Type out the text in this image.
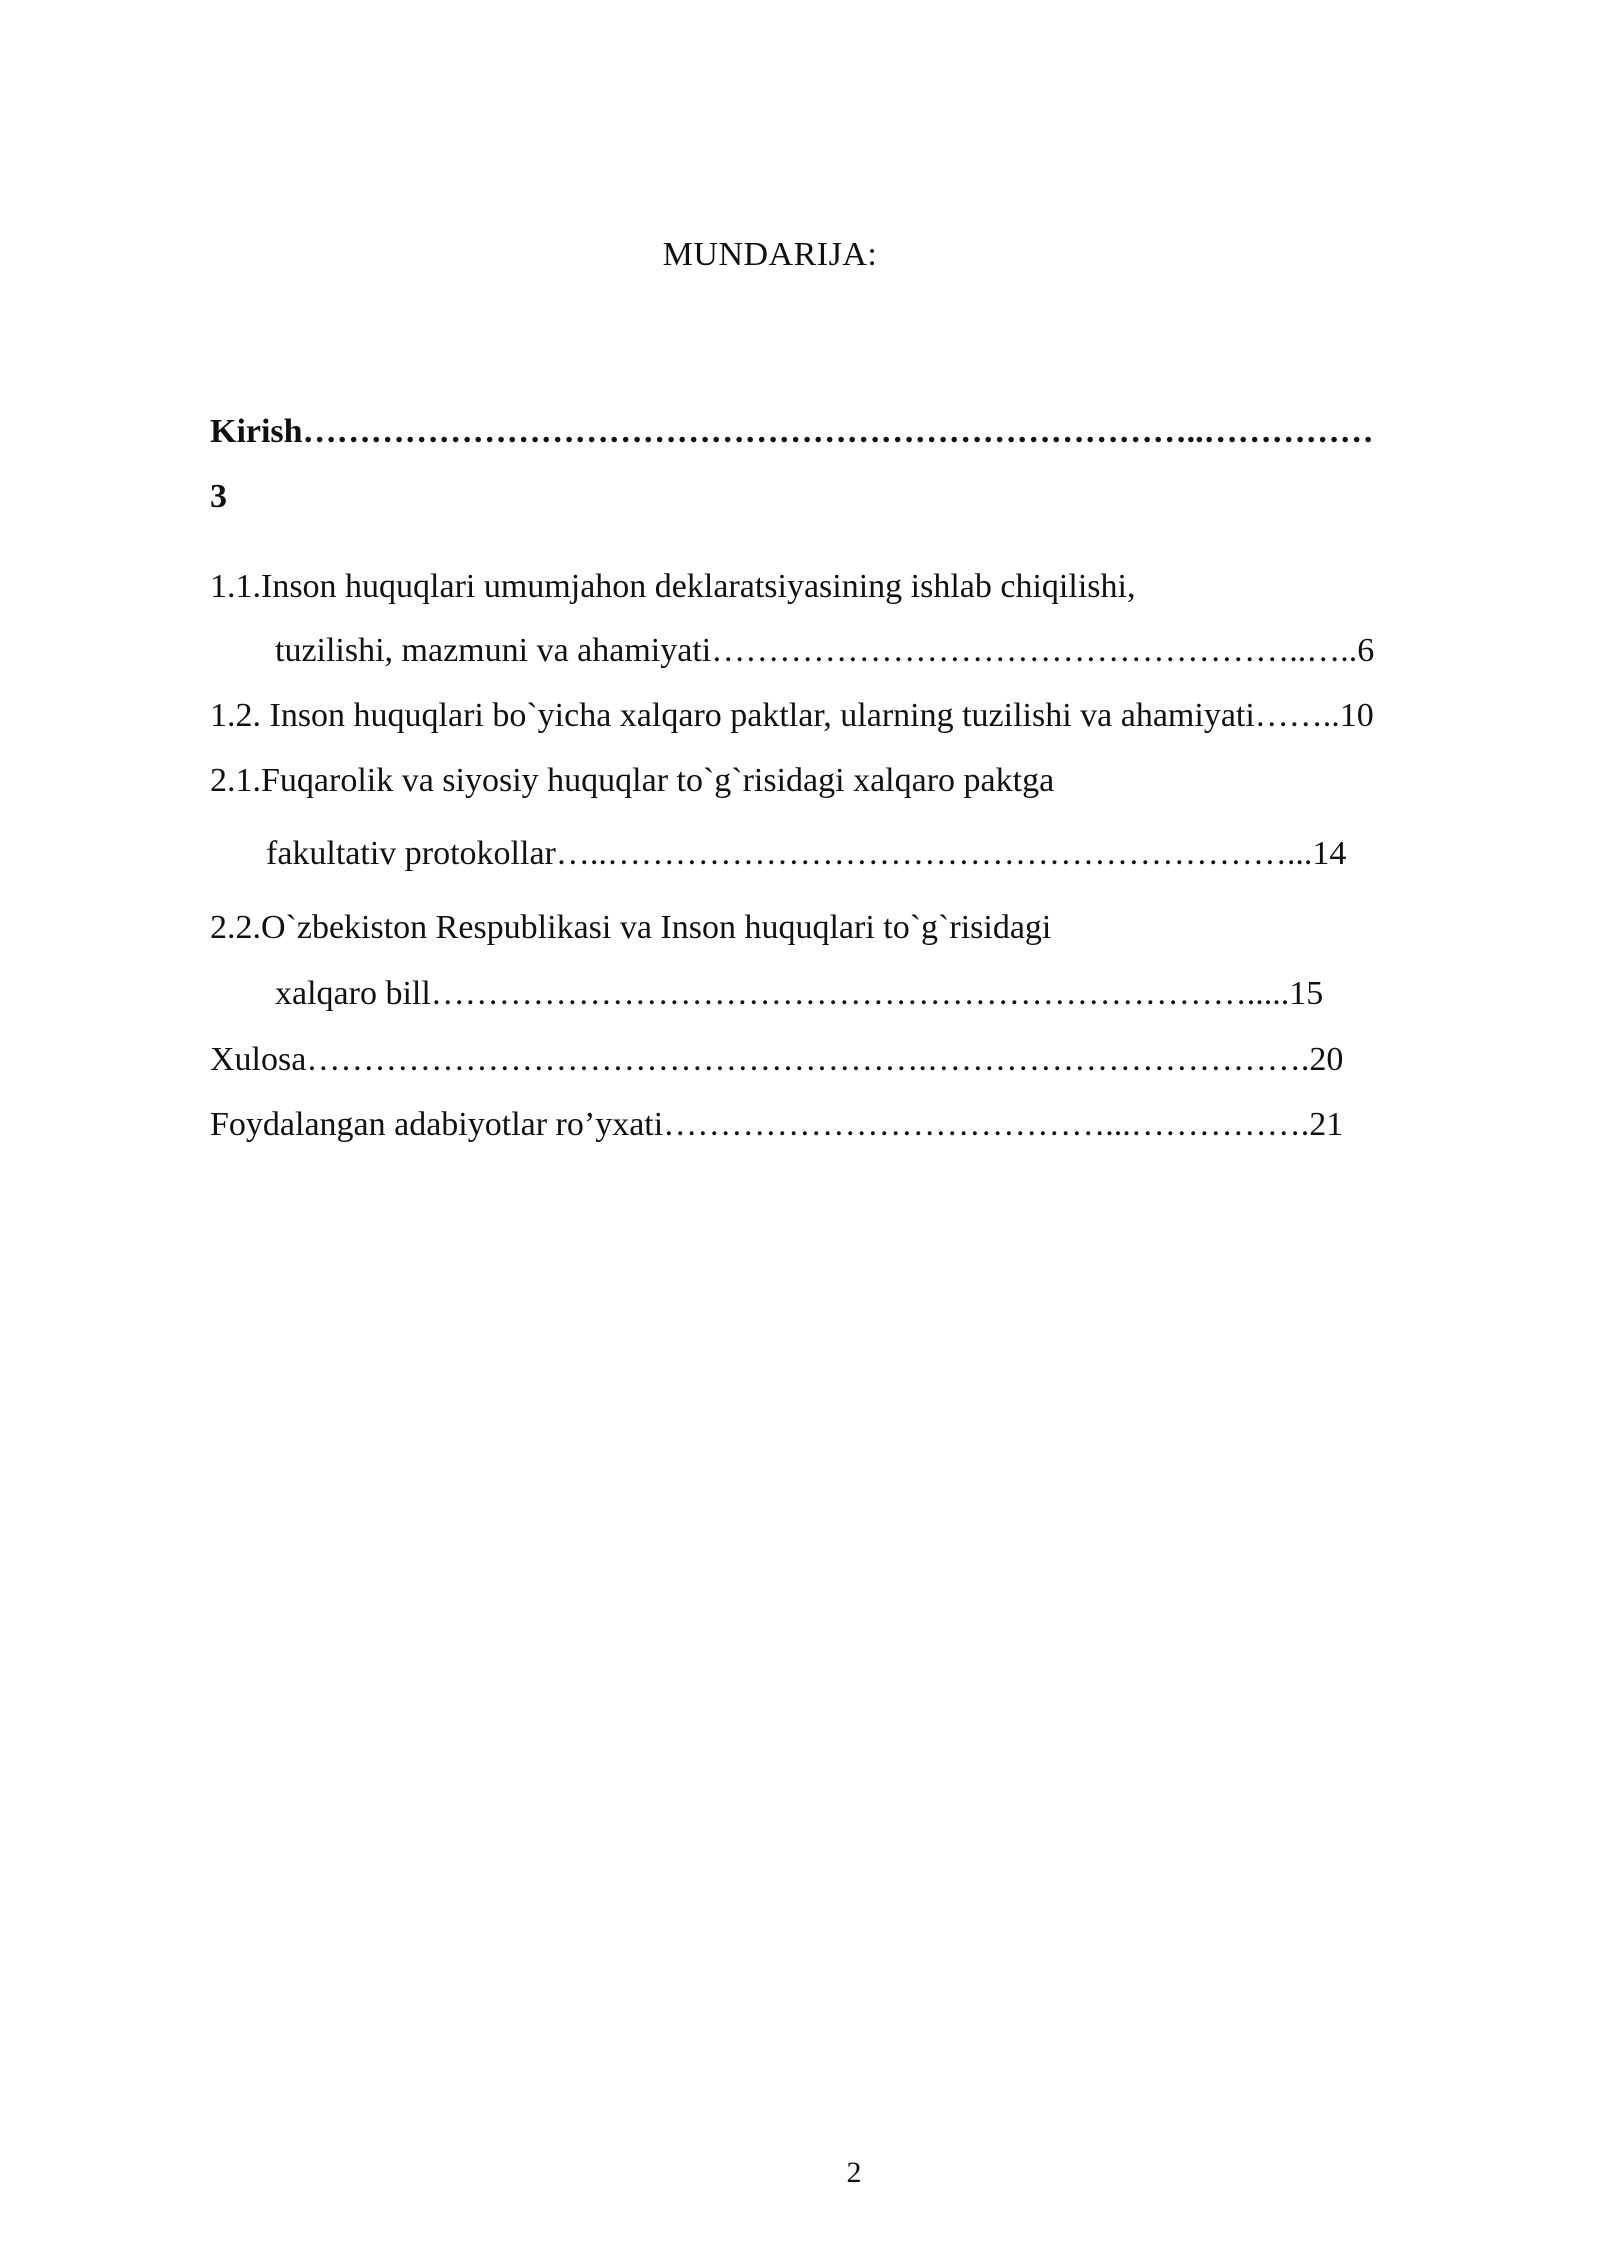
MUNDARIJA:
Kirish……………………………………………………………………..……………
3
1.1.Inson huquqlari umumjahon deklaratsiyasining ishlab chiqilishi,
tuzilishi, mazmuni va ahamiyati……………………………………………..…..6
1.2. Inson huquqlari bo`yicha xalqaro paktlar, ularning tuzilishi va ahamiyati……..10
2.1.Fuqarolik va siyosiy huquqlar to`g`risidagi xalqaro paktga
fakultativ protokollar…..……………………………………………………...14
2.2.O`zbekiston Respublikasi va Inson huquqlari to`g`risidagi
xalqaro bill……………………………………………………………….....15
Xulosa……………………………………………….…………………………….20
Foydalangan adabiyotlar ro’yxati…………………………………...…………….21
2
